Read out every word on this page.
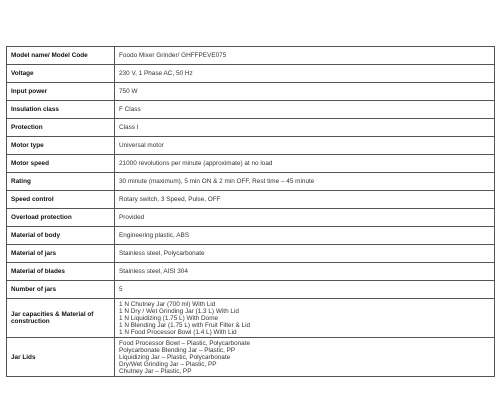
Model name/ Model Code	Foodo Mixer Grinder/ GHFFPEVE075

Voltage	230 V, 1 Phase AC, 50 Hz

Input power	750 W

Insulation class	F Class

Protection	Class I

Motor type	Universal motor

Motor speed	21000 revolutions per minute (approximate) at no load

Rating	30 minute (maximum), 5 min ON & 2 min OFF, Rest time – 45 minute

Speed control	Rotary switch, 3 Speed, Pulse, OFF

Overload protection	Provided

Material of body	Engineering plastic, ABS

Material of jars	Stainless steel, Polycarbonate

Material of blades	Stainless steel, AISI 304

Number of jars	5

Jar capacities & Material of construction	1 N Chutney Jar (700 ml) With Lid
1 N Dry / Wet Grinding Jar (1.3 L) With Lid
1 N Liquidizing (1.75 L) With Dome
1 N Blending Jar (1.75 L) with Fruit Filter & Lid
1 N Food Processor Bowl (1.4 L) With Lid

Jar Lids	Food Processor Bowl – Plastic, Polycarbonate
Polycarbonate Blending Jar – Plastic, PP
Liquidizing Jar – Plastic, Polycarbonate
Dry/Wet Grinding Jar – Plastic, PP
Chutney Jar – Plastic, PP
